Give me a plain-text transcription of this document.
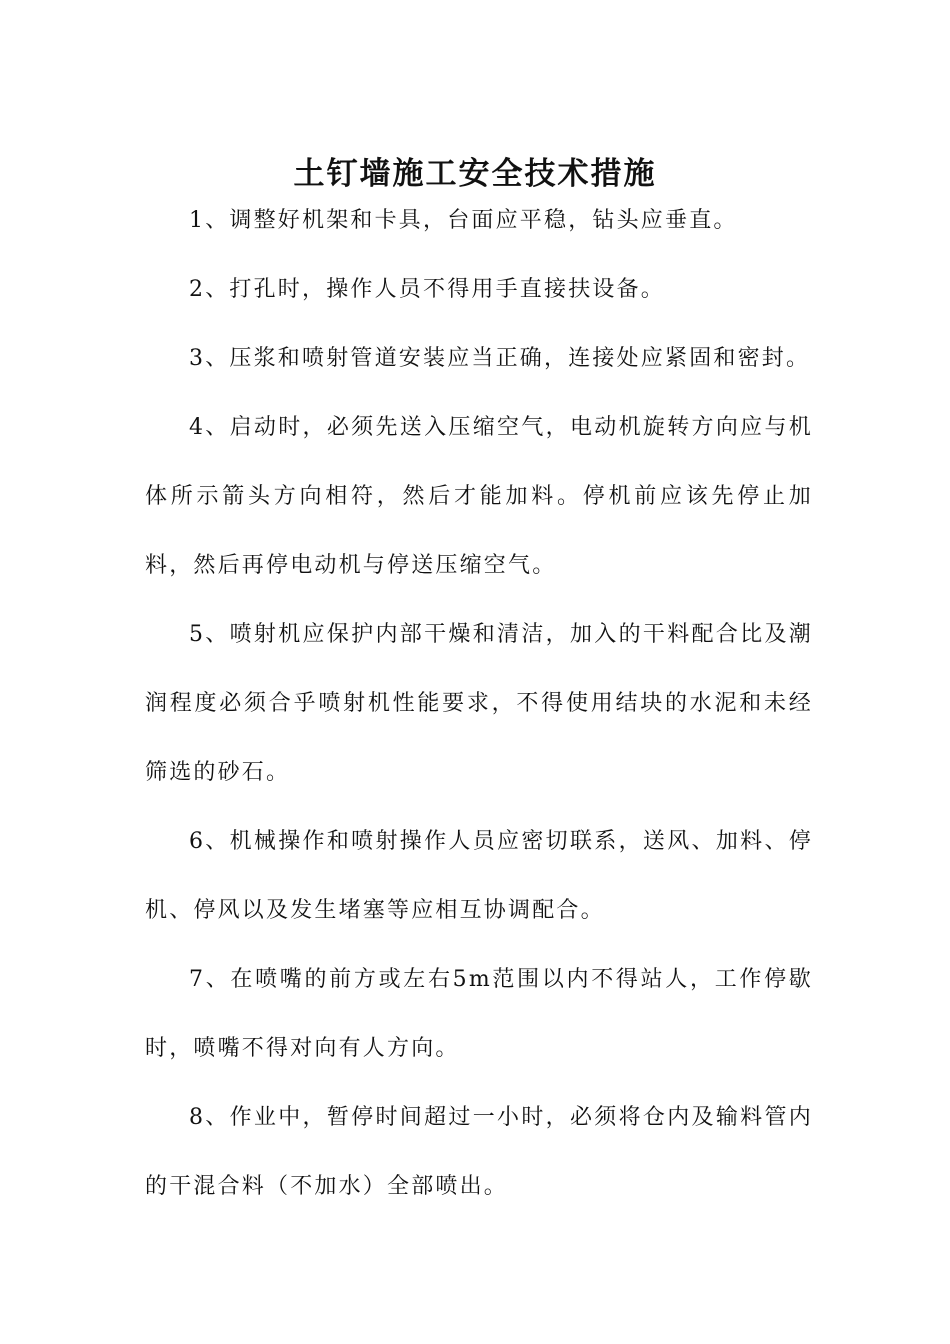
土钉墙施工安全技术措施

1、调整好机架和卡具，台面应平稳，钻头应垂直。

2、打孔时，操作人员不得用手直接扶设备。

3、压浆和喷射管道安装应当正确，连接处应紧固和密封。

4、启动时，必须先送入压缩空气，电动机旋转方向应与机体所示箭头方向相符，然后才能加料。停机前应该先停止加料，然后再停电动机与停送压缩空气。

5、喷射机应保护内部干燥和清洁，加入的干料配合比及潮润程度必须合乎喷射机性能要求，不得使用结块的水泥和未经筛选的砂石。

6、机械操作和喷射操作人员应密切联系，送风、加料、停机、停风以及发生堵塞等应相互协调配合。

7、在喷嘴的前方或左右5m范围以内不得站人，工作停歇时，喷嘴不得对向有人方向。

8、作业中，暂停时间超过一小时，必须将仓内及输料管内的干混合料（不加水）全部喷出。
